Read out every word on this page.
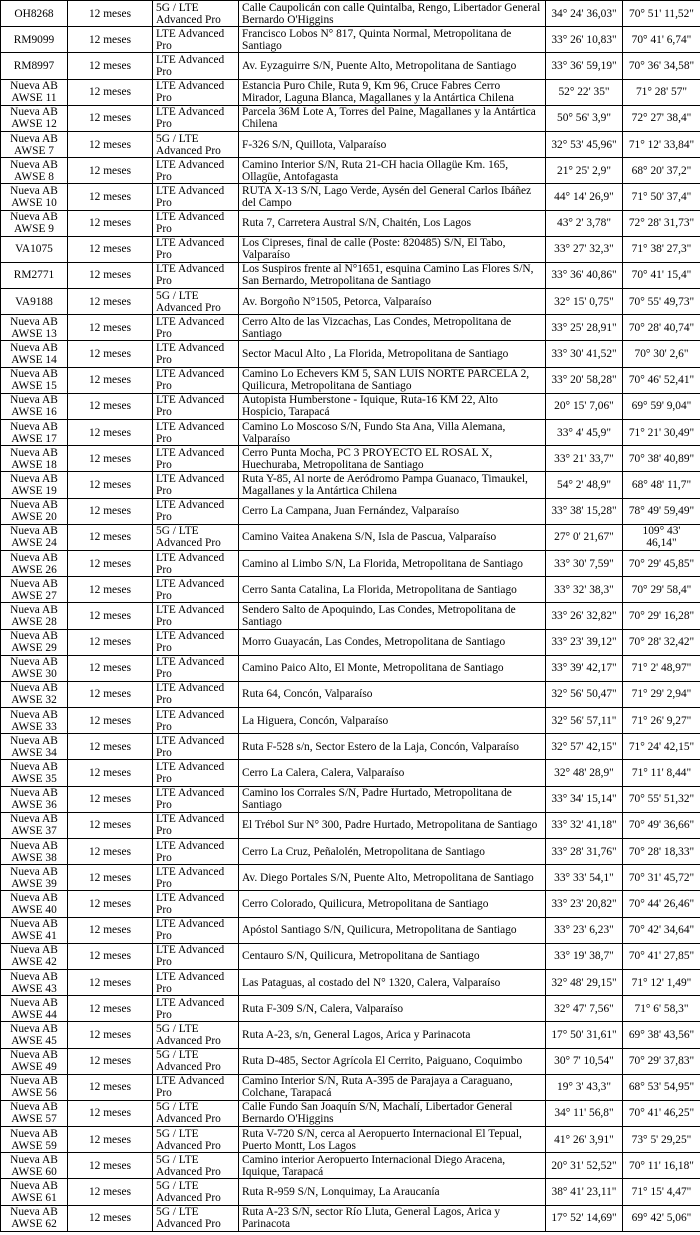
OH8268	12 meses	5G / LTE Advanced Pro	Calle Caupolicán con calle Quintalba, Rengo, Libertador General Bernardo O'Higgins	34° 24' 36,03"	70° 51' 11,52"
RM9099	12 meses	LTE Advanced Pro	Francisco Lobos N° 817, Quinta Normal, Metropolitana de Santiago	33° 26' 10,83"	70° 41' 6,74"
RM8997	12 meses	LTE Advanced Pro	Av. Eyzaguirre S/N, Puente Alto, Metropolitana de Santiago	33° 36' 59,19"	70° 36' 34,58"
Nueva AB AWSE 11	12 meses	LTE Advanced Pro	Estancia Puro Chile, Ruta 9, Km 96, Cruce Fabres Cerro Mirador, Laguna Blanca, Magallanes y la Antártica Chilena	52° 22' 35"	71° 28' 57"
Nueva AB AWSE 12	12 meses	LTE Advanced Pro	Parcela 36M Lote A, Torres del Paine, Magallanes y la Antártica Chilena	50° 56' 3,9"	72° 27' 38,4"
Nueva AB AWSE 7	12 meses	5G / LTE Advanced Pro	F-326 S/N, Quillota, Valparaíso	32° 53' 45,96"	71° 12' 33,84"
Nueva AB AWSE 8	12 meses	LTE Advanced Pro	Camino Interior S/N, Ruta 21-CH hacia Ollagüe Km. 165, Ollagüe, Antofagasta	21° 25' 2,9"	68° 20' 37,2"
Nueva AB AWSE 10	12 meses	LTE Advanced Pro	RUTA X-13 S/N, Lago Verde, Aysén del General Carlos Ibáñez del Campo	44° 14' 26,9"	71° 50' 37,4"
Nueva AB AWSE 9	12 meses	LTE Advanced Pro	Ruta 7, Carretera Austral S/N, Chaitén, Los Lagos	43° 2' 3,78"	72° 28' 31,73"
VA1075	12 meses	LTE Advanced Pro	Los Cipreses, final de calle (Poste: 820485) S/N, El Tabo, Valparaíso	33° 27' 32,3"	71° 38' 27,3"
RM2771	12 meses	LTE Advanced Pro	Los Suspiros frente al N°1651, esquina Camino Las Flores S/N, San Bernardo, Metropolitana de Santiago	33° 36' 40,86"	70° 41' 15,4"
VA9188	12 meses	5G / LTE Advanced Pro	Av. Borgoño N°1505, Petorca, Valparaíso	32° 15' 0,75"	70° 55' 49,73"
Nueva AB AWSE 13	12 meses	LTE Advanced Pro	Cerro Alto de las Vizcachas, Las Condes, Metropolitana de Santiago	33° 25' 28,91"	70° 28' 40,74"
Nueva AB AWSE 14	12 meses	LTE Advanced Pro	Sector Macul Alto , La Florida, Metropolitana de Santiago	33° 30' 41,52"	70° 30' 2,6"
Nueva AB AWSE 15	12 meses	LTE Advanced Pro	Camino Lo Echevers KM 5, SAN LUIS NORTE PARCELA 2, Quilicura, Metropolitana de Santiago	33° 20' 58,28"	70° 46' 52,41"
Nueva AB AWSE 16	12 meses	LTE Advanced Pro	Autopista Humberstone - Iquique, Ruta-16 KM 22, Alto Hospicio, Tarapacá	20° 15' 7,06"	69° 59' 9,04"
Nueva AB AWSE 17	12 meses	LTE Advanced Pro	Camino Lo Moscoso S/N, Fundo Sta Ana, Villa Alemana, Valparaíso	33° 4' 45,9"	71° 21' 30,49"
Nueva AB AWSE 18	12 meses	LTE Advanced Pro	Cerro Punta Mocha, PC 3 PROYECTO EL ROSAL X, Huechuraba, Metropolitana de Santiago	33° 21' 33,7"	70° 38' 40,89"
Nueva AB AWSE 19	12 meses	LTE Advanced Pro	Ruta Y-85, Al norte de Aeródromo Pampa Guanaco, Timaukel, Magallanes y la Antártica Chilena	54° 2' 48,9"	68° 48' 11,7"
Nueva AB AWSE 20	12 meses	LTE Advanced Pro	Cerro La Campana, Juan Fernández, Valparaíso	33° 38' 15,28"	78° 49' 59,49"
Nueva AB AWSE 24	12 meses	5G / LTE Advanced Pro	Camino Vaitea Anakena S/N, Isla de Pascua, Valparaíso	27° 0' 21,67"	109° 43' 46,14"
Nueva AB AWSE 26	12 meses	LTE Advanced Pro	Camino al Limbo S/N, La Florida, Metropolitana de Santiago	33° 30' 7,59"	70° 29' 45,85"
Nueva AB AWSE 27	12 meses	LTE Advanced Pro	Cerro Santa Catalina, La Florida, Metropolitana de Santiago	33° 32' 38,3"	70° 29' 58,4"
Nueva AB AWSE 28	12 meses	LTE Advanced Pro	Sendero Salto de Apoquindo, Las Condes, Metropolitana de Santiago	33° 26' 32,82"	70° 29' 16,28"
Nueva AB AWSE 29	12 meses	LTE Advanced Pro	Morro Guayacán, Las Condes, Metropolitana de Santiago	33° 23' 39,12"	70° 28' 32,42"
Nueva AB AWSE 30	12 meses	LTE Advanced Pro	Camino Paico Alto, El Monte, Metropolitana de Santiago	33° 39' 42,17"	71° 2' 48,97"
Nueva AB AWSE 32	12 meses	LTE Advanced Pro	Ruta 64, Concón, Valparaíso	32° 56' 50,47"	71° 29' 2,94"
Nueva AB AWSE 33	12 meses	LTE Advanced Pro	La Higuera, Concón, Valparaíso	32° 56' 57,11"	71° 26' 9,27"
Nueva AB AWSE 34	12 meses	LTE Advanced Pro	Ruta F-528 s/n, Sector Estero de la Laja, Concón, Valparaíso	32° 57' 42,15"	71° 24' 42,15"
Nueva AB AWSE 35	12 meses	LTE Advanced Pro	Cerro La Calera, Calera, Valparaíso	32° 48' 28,9"	71° 11' 8,44"
Nueva AB AWSE 36	12 meses	LTE Advanced Pro	Camino los Corrales S/N, Padre Hurtado, Metropolitana de Santiago	33° 34' 15,14"	70° 55' 51,32"
Nueva AB AWSE 37	12 meses	LTE Advanced Pro	El Trébol Sur N° 300, Padre Hurtado, Metropolitana de Santiago	33° 32' 41,18"	70° 49' 36,66"
Nueva AB AWSE 38	12 meses	LTE Advanced Pro	Cerro La Cruz, Peñalolén, Metropolitana de Santiago	33° 28' 31,76"	70° 28' 18,33"
Nueva AB AWSE 39	12 meses	LTE Advanced Pro	Av. Diego Portales S/N, Puente Alto, Metropolitana de Santiago	33° 33' 54,1"	70° 31' 45,72"
Nueva AB AWSE 40	12 meses	LTE Advanced Pro	Cerro Colorado, Quilicura, Metropolitana de Santiago	33° 23' 20,82"	70° 44' 26,46"
Nueva AB AWSE 41	12 meses	LTE Advanced Pro	Apóstol Santiago S/N, Quilicura, Metropolitana de Santiago	33° 23' 6,23"	70° 42' 34,64"
Nueva AB AWSE 42	12 meses	LTE Advanced Pro	Centauro S/N, Quilicura, Metropolitana de Santiago	33° 19' 38,7"	70° 41' 27,85"
Nueva AB AWSE 43	12 meses	LTE Advanced Pro	Las Pataguas, al costado del N° 1320, Calera, Valparaíso	32° 48' 29,15"	71° 12' 1,49"
Nueva AB AWSE 44	12 meses	LTE Advanced Pro	Ruta F-309 S/N, Calera, Valparaíso	32° 47' 7,56"	71° 6' 58,3"
Nueva AB AWSE 45	12 meses	5G / LTE Advanced Pro	Ruta A-23, s/n, General Lagos, Arica y Parinacota	17° 50' 31,61"	69° 38' 43,56"
Nueva AB AWSE 49	12 meses	5G / LTE Advanced Pro	Ruta D-485, Sector Agrícola El Cerrito, Paiguano, Coquimbo	30° 7' 10,54"	70° 29' 37,83"
Nueva AB AWSE 56	12 meses	LTE Advanced Pro	Camino Interior S/N, Ruta A-395 de Parajaya a Caraguano, Colchane, Tarapacá	19° 3' 43,3"	68° 53' 54,95"
Nueva AB AWSE 57	12 meses	5G / LTE Advanced Pro	Calle Fundo San Joaquín S/N, Machalí, Libertador General Bernardo O'Higgins	34° 11' 56,8"	70° 41' 46,25"
Nueva AB AWSE 59	12 meses	5G / LTE Advanced Pro	Ruta V-720 S/N, cerca al Aeropuerto Internacional El Tepual, Puerto Montt, Los Lagos	41° 26' 3,91"	73° 5' 29,25"
Nueva AB AWSE 60	12 meses	5G / LTE Advanced Pro	Camino interior Aeropuerto Internacional Diego Aracena, Iquique, Tarapacá	20° 31' 52,52"	70° 11' 16,18"
Nueva AB AWSE 61	12 meses	5G / LTE Advanced Pro	Ruta R-959 S/N, Lonquimay, La Araucanía	38° 41' 23,11"	71° 15' 4,47"
Nueva AB AWSE 62	12 meses	5G / LTE Advanced Pro	Ruta A-23 S/N, sector Río Lluta, General Lagos, Arica y Parinacota	17° 52' 14,69"	69° 42' 5,06"
